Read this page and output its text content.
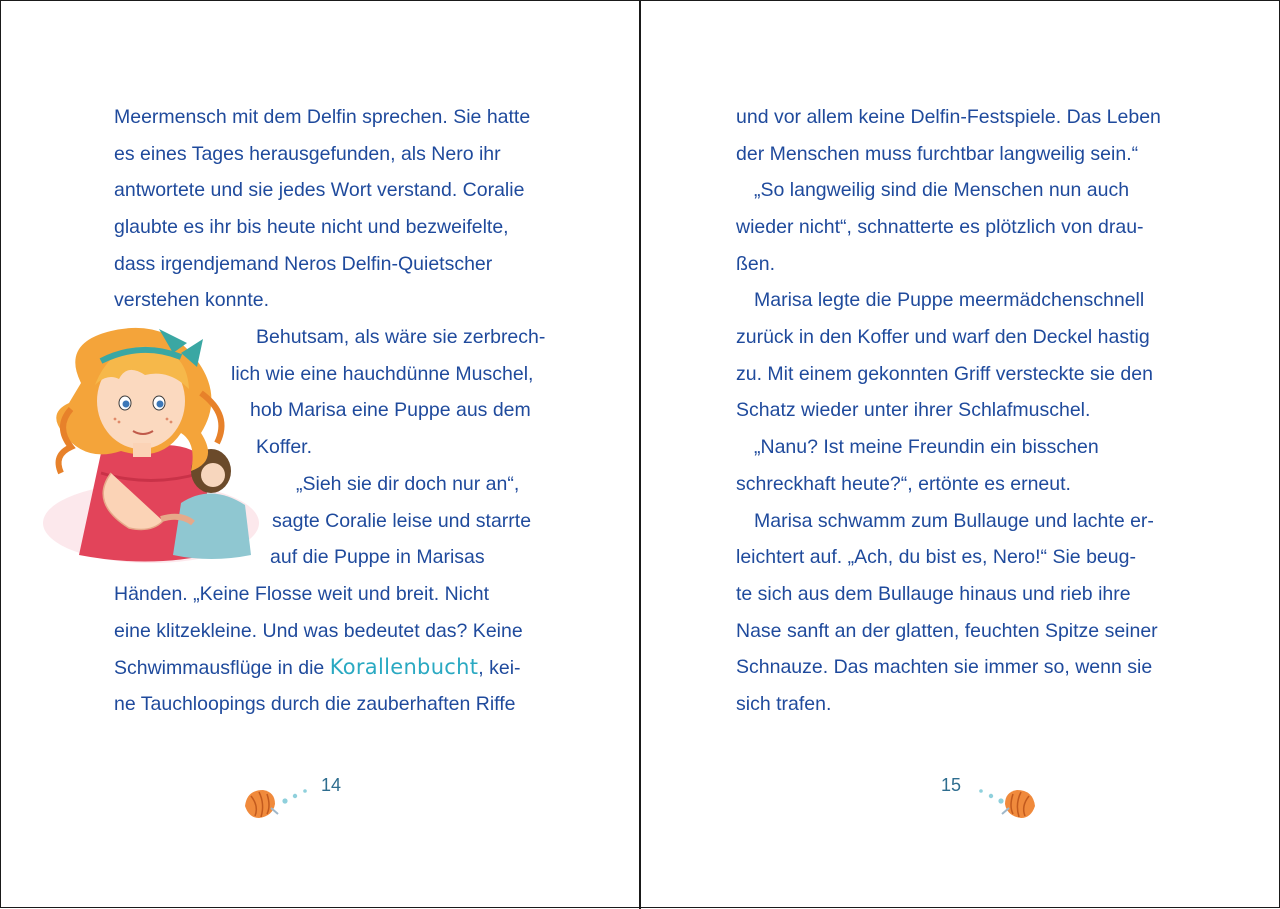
Meermensch mit dem Delfin sprechen. Sie hatte
es eines Tages herausgefunden, als Nero ihr
antwortete und sie jedes Wort verstand. Coralie
glaubte es ihr bis heute nicht und bezweifelte,
dass irgendjemand Neros Delfin-Quietscher
verstehen konnte.
Behutsam, als wäre sie zerbrech-
lich wie eine hauchdünne Muschel,
hob Marisa eine Puppe aus dem
Koffer.
„Sieh sie dir doch nur an“,
sagte Coralie leise und starrte
auf die Puppe in Marisas
Händen. „Keine Flosse weit und breit. Nicht
eine klitzekleine. Und was bedeutet das? Keine
Schwimmausflüge in die Korallenbucht, kei-
ne Tauchloopings durch die zauberhaften Riffe
14
und vor allem keine Delfin-Festspiele. Das Leben
der Menschen muss furchtbar langweilig sein.“
„So langweilig sind die Menschen nun auch
wieder nicht“, schnatterte es plötzlich von drau-
ßen.
Marisa legte die Puppe meermädchenschnell
zurück in den Koffer und warf den Deckel hastig
zu. Mit einem gekonnten Griff versteckte sie den
Schatz wieder unter ihrer Schlafmuschel.
„Nanu? Ist meine Freundin ein bisschen
schreckhaft heute?“, ertönte es erneut.
Marisa schwamm zum Bullauge und lachte er-
leichtert auf. „Ach, du bist es, Nero!“ Sie beug-
te sich aus dem Bullauge hinaus und rieb ihre
Nase sanft an der glatten, feuchten Spitze seiner
Schnauze. Das machten sie immer so, wenn sie
sich trafen.
15
